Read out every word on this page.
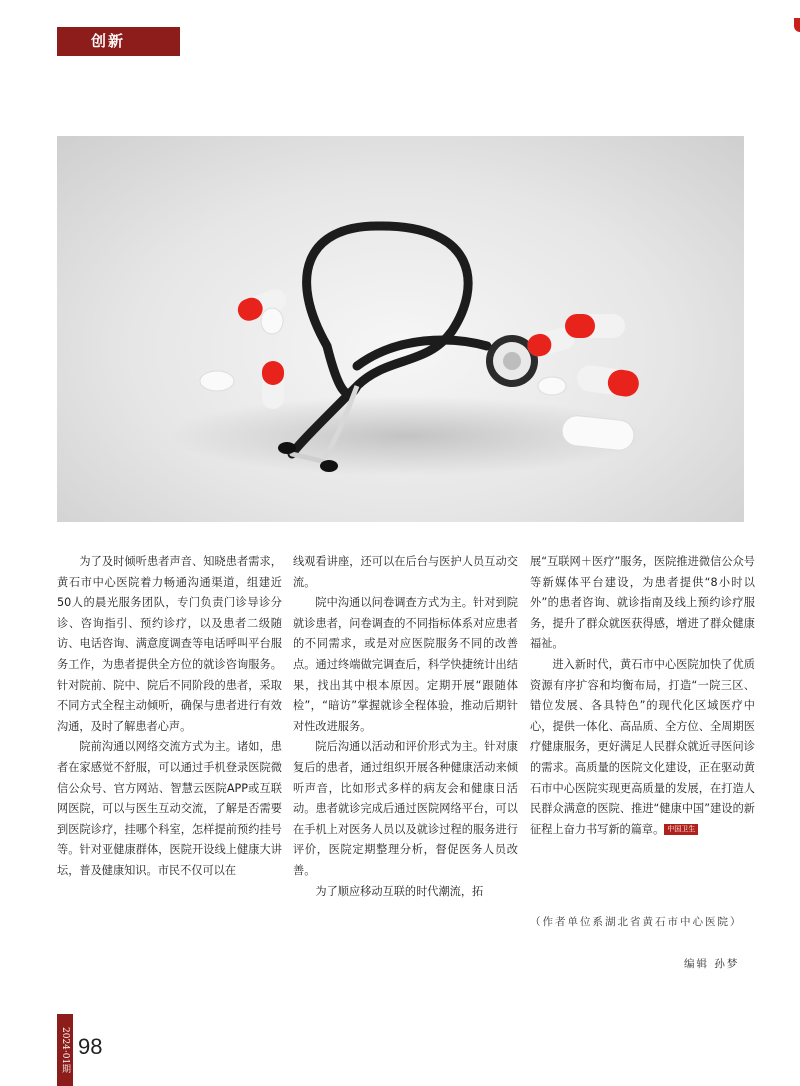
创新

为了及时倾听患者声音、知晓患者需求，黄石市中心医院着力畅通沟通渠道，组建近50人的晨光服务团队，专门负责门诊导诊分诊、咨询指引、预约诊疗，以及患者二级随访、电话咨询、满意度调查等电话呼叫平台服务工作，为患者提供全方位的就诊咨询服务。针对院前、院中、院后不同阶段的患者，采取不同方式全程主动倾听，确保与患者进行有效沟通，及时了解患者心声。

院前沟通以网络交流方式为主。诸如，患者在家感觉不舒服，可以通过手机登录医院微信公众号、官方网站、智慧云医院APP或互联网医院，可以与医生互动交流，了解是否需要到医院诊疗，挂哪个科室，怎样提前预约挂号等。针对亚健康群体，医院开设线上健康大讲坛，普及健康知识。市民不仅可以在

线观看讲座，还可以在后台与医护人员互动交流。

院中沟通以问卷调查方式为主。针对到院就诊患者，问卷调查的不同指标体系对应患者的不同需求，或是对应医院服务不同的改善点。通过终端做完调查后，科学快捷统计出结果，找出其中根本原因。定期开展“跟随体检”，“暗访”掌握就诊全程体验，推动后期针对性改进服务。

院后沟通以活动和评价形式为主。针对康复后的患者，通过组织开展各种健康活动来倾听声音，比如形式多样的病友会和健康日活动。患者就诊完成后通过医院网络平台，可以在手机上对医务人员以及就诊过程的服务进行评价，医院定期整理分析，督促医务人员改善。

为了顺应移动互联的时代潮流，拓

展“互联网＋医疗”服务，医院推进微信公众号等新媒体平台建设，为患者提供“8小时以外”的患者咨询、就诊指南及线上预约诊疗服务，提升了群众就医获得感，增进了群众健康福祉。

进入新时代，黄石市中心医院加快了优质资源有序扩容和均衡布局，打造“一院三区、错位发展、各具特色”的现代化区域医疗中心，提供一体化、高品质、全方位、全周期医疗健康服务，更好满足人民群众就近寻医问诊的需求。高质量的医院文化建设，正在驱动黄石市中心医院实现更高质量的发展，在打造人民群众满意的医院、推进“健康中国”建设的新征程上奋力书写新的篇章。 中国卫生

（作者单位系湖北省黄石市中心医院）
编辑 孙梦
2024·01期 98
